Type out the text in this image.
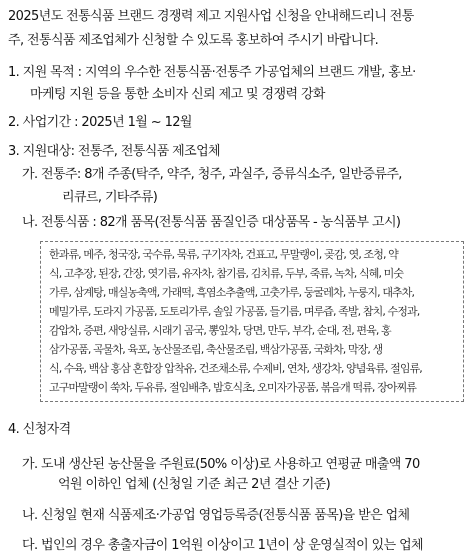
2025년도 전통식품 브랜드 경쟁력 제고 지원사업 신청을 안내해드리니 전통
주, 전통식품 제조업체가 신청할 수 있도록 홍보하여 주시기 바랍니다.
1. 지원 목적 : 지역의 우수한 전통식품·전통주 가공업체의 브랜드 개발, 홍보·
마케팅 지원 등을 통한 소비자 신뢰 제고 및 경쟁력 강화
2. 사업기간 : 2025년 1월 ~ 12월
3. 지원대상: 전통주, 전통식품 제조업체
가. 전통주: 8개 주종(탁주, 약주, 청주, 과실주, 증류식소주, 일반증류주,
리큐르, 기타주류)
나. 전통식품 : 82개 품목(전통식품 품질인증 대상품목 - 농식품부 고시)
한과류, 메주, 청국장, 국수류, 묵류, 구기자차, 건표고, 무말랭이, 곶감, 엿, 조청, 약
식, 고추장, 된장, 간장, 엿기름, 유자차, 참기름, 김치류, 두부, 죽류, 녹차, 식혜, 미숫
가루, 삼계탕, 매실농축액, 가래떡, 흑염소추출액, 고춧가루, 둥굴레차, 누룽지, 대추차,
메밀가루, 도라지 가공품, 도토리가루, 솔잎 가공품, 들기름, 며루즙, 족발, 참치, 수정과,
감압차, 증편, 새앙실류, 시래기 곰국, 뽕잎차, 당면, 만두, 부각, 순대, 전, 편육, 홍
삼가공품, 곡물차, 육포, 농산물조림, 축산물조림, 백삼가공품, 국화차, 막장, 생
식, 수육, 백삼 홍삼 혼합장 압착유, 건조채소류, 수제비, 연차, 생강차, 양념육류, 절임류,
고구마말랭이 쑥차, 두유류, 절임배추, 밤호식초, 오미자가공품, 볶음개 떡류, 장아찌류
4. 신청자격
가. 도내 생산된 농산물을 주원료(50% 이상)로 사용하고 연평균 매출액 70
억원 이하인 업체 (신청일 기준 최근 2년 결산 기준)
나. 신청일 현재 식품제조·가공업 영업등록증(전통식품 품목)을 받은 업체
다. 법인의 경우 총출자금이 1억원 이상이고 1년이 상 운영실적이 있는 업체
